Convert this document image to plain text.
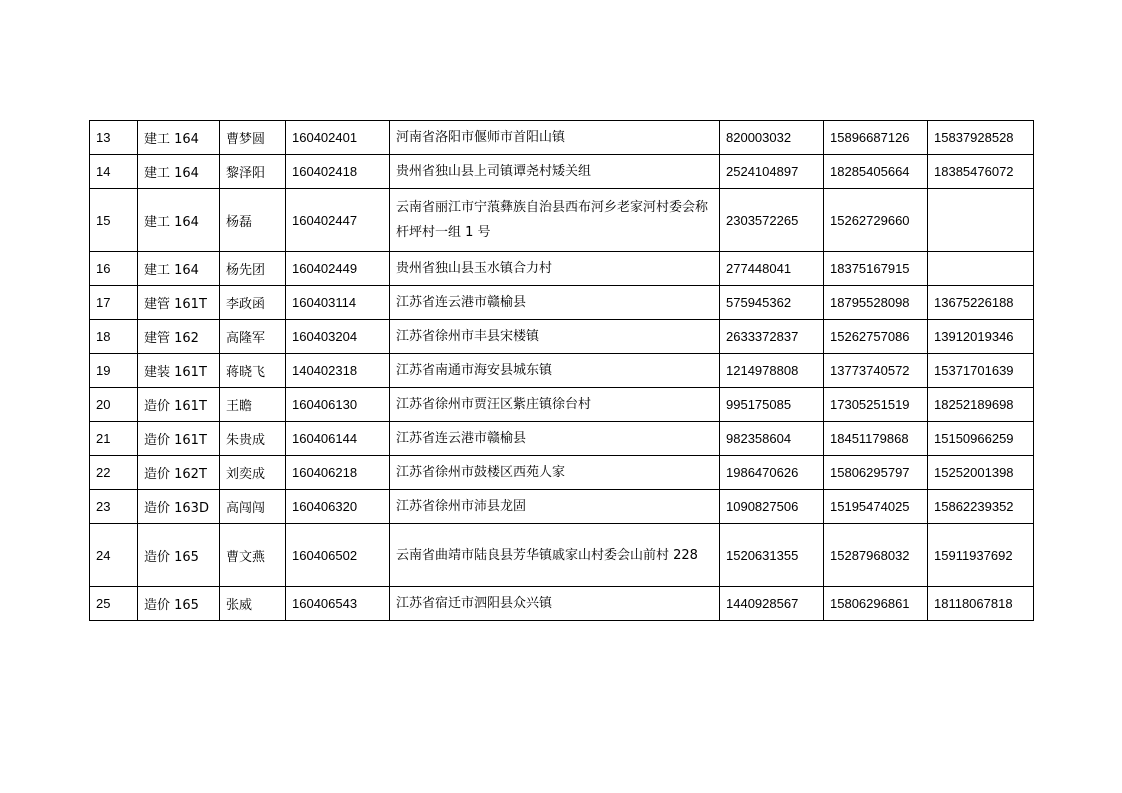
13	建工 164	曹梦圆	160402401	河南省洛阳市偃师市首阳山镇	820003032	15896687126	15837928528
14	建工 164	黎泽阳	160402418	贵州省独山县上司镇谭尧村矮关组	2524104897	18285405664	18385476072
15	建工 164	杨磊	160402447	云南省丽江市宁蒗彝族自治县西布河乡老家河村委会称杆坪村一组 1 号	2303572265	15262729660	
16	建工 164	杨先团	160402449	贵州省独山县玉水镇合力村	277448041	18375167915	
17	建管 161T	李政函	160403114	江苏省连云港市赣榆县	575945362	18795528098	13675226188
18	建管 162	高隆军	160403204	江苏省徐州市丰县宋楼镇	2633372837	15262757086	13912019346
19	建装 161T	蒋晓飞	140402318	江苏省南通市海安县城东镇	1214978808	13773740572	15371701639
20	造价 161T	王瞻	160406130	江苏省徐州市贾汪区紫庄镇徐台村	995175085	17305251519	18252189698
21	造价 161T	朱贵成	160406144	江苏省连云港市赣榆县	982358604	18451179868	15150966259
22	造价 162T	刘奕成	160406218	江苏省徐州市鼓楼区西苑人家	1986470626	15806295797	15252001398
23	造价 163D	高闯闯	160406320	江苏省徐州市沛县龙固	1090827506	15195474025	15862239352
24	造价 165	曹文燕	160406502	云南省曲靖市陆良县芳华镇戚家山村委会山前村 228	1520631355	15287968032	15911937692
25	造价 165	张威	160406543	江苏省宿迁市泗阳县众兴镇	1440928567	15806296861	18118067818
